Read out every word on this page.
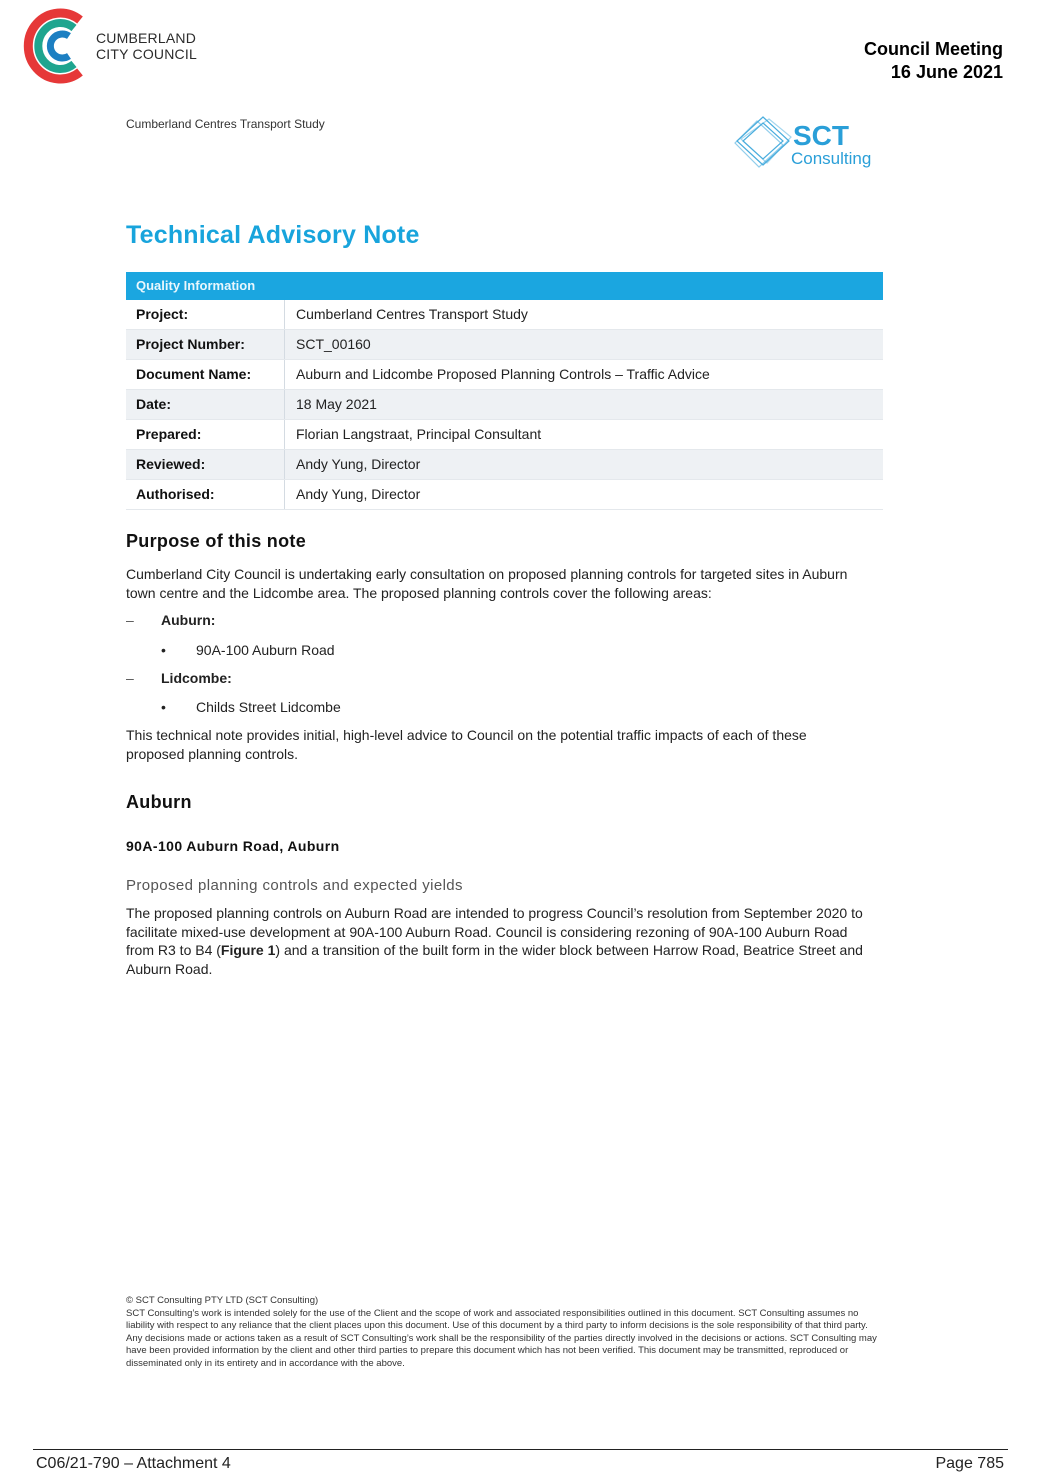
CUMBERLAND
CITY COUNCIL	Council Meeting
16 June 2021
Cumberland Centres Transport Study	SCT
Consulting
Technical Advisory Note
Quality Information
Project:	Cumberland Centres Transport Study
Project Number:	SCT_00160
Document Name:	Auburn and Lidcombe Proposed Planning Controls – Traffic Advice
Date:	18 May 2021
Prepared:	Florian Langstraat, Principal Consultant
Reviewed:	Andy Yung, Director
Authorised:	Andy Yung, Director
Purpose of this note
Cumberland City Council is undertaking early consultation on proposed planning controls for targeted sites in Auburn town centre and the Lidcombe area. The proposed planning controls cover the following areas:
– Auburn:
• 90A-100 Auburn Road
– Lidcombe:
• Childs Street Lidcombe
This technical note provides initial, high-level advice to Council on the potential traffic impacts of each of these proposed planning controls.
Auburn
90A-100 Auburn Road, Auburn
Proposed planning controls and expected yields
The proposed planning controls on Auburn Road are intended to progress Council’s resolution from September 2020 to facilitate mixed-use development at 90A-100 Auburn Road. Council is considering rezoning of 90A-100 Auburn Road from R3 to B4 (Figure 1) and a transition of the built form in the wider block between Harrow Road, Beatrice Street and Auburn Road.
© SCT Consulting PTY LTD (SCT Consulting)
SCT Consulting’s work is intended solely for the use of the Client and the scope of work and associated responsibilities outlined in this document. SCT Consulting assumes no liability with respect to any reliance that the client places upon this document. Use of this document by a third party to inform decisions is the sole responsibility of that third party. Any decisions made or actions taken as a result of SCT Consulting’s work shall be the responsibility of the parties directly involved in the decisions or actions. SCT Consulting may have been provided information by the client and other third parties to prepare this document which has not been verified. This document may be transmitted, reproduced or disseminated only in its entirety and in accordance with the above.
C06/21-790 – Attachment 4	Page 785
